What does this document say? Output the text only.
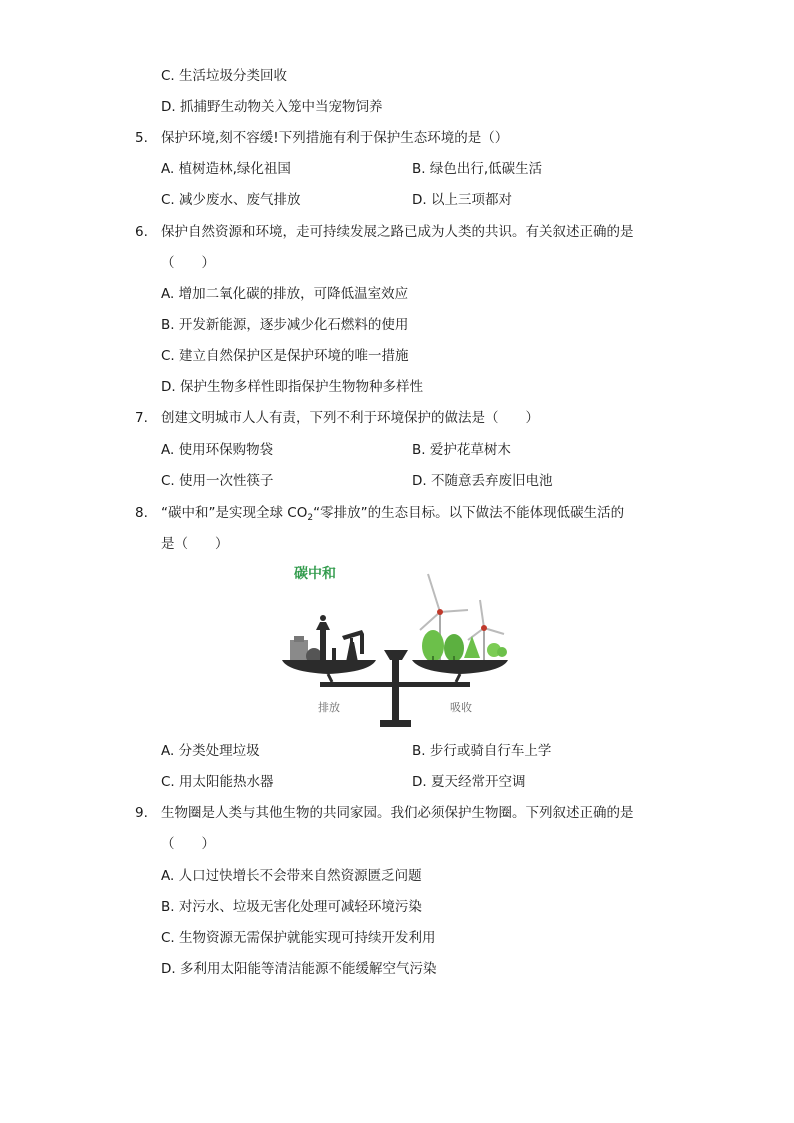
C. 生活垃圾分类回收
D. 抓捕野生动物关入笼中当宠物饲养
5. 保护环境,刻不容缓!下列措施有利于保护生态环境的是（）
A. 植树造林,绿化祖国	B. 绿色出行,低碳生活
C. 减少废水、废气排放	D. 以上三项都对
6. 保护自然资源和环境，走可持续发展之路已成为人类的共识。有关叙述正确的是
（　　）
A. 增加二氧化碳的排放，可降低温室效应
B. 开发新能源，逐步减少化石燃料的使用
C. 建立自然保护区是保护环境的唯一措施
D. 保护生物多样性即指保护生物物种多样性
7. 创建文明城市人人有责，下列不利于环境保护的做法是（　　）
A. 使用环保购物袋	B. 爱护花草树木
C. 使用一次性筷子	D. 不随意丢弃废旧电池
8. “碳中和”是实现全球 $CO_2“$零排放”的生态目标。以下做法不能体现低碳生活的
是（　　）
碳中和
排放	吸收
A. 分类处理垃圾	B. 步行或骑自行车上学
C. 用太阳能热水器	D. 夏天经常开空调
9. 生物圈是人类与其他生物的共同家园。我们必须保护生物圈。下列叙述正确的是
（　　）
A. 人口过快增长不会带来自然资源匮乏问题
B. 对污水、垃圾无害化处理可减轻环境污染
C. 生物资源无需保护就能实现可持续开发利用
D. 多利用太阳能等清洁能源不能缓解空气污染
